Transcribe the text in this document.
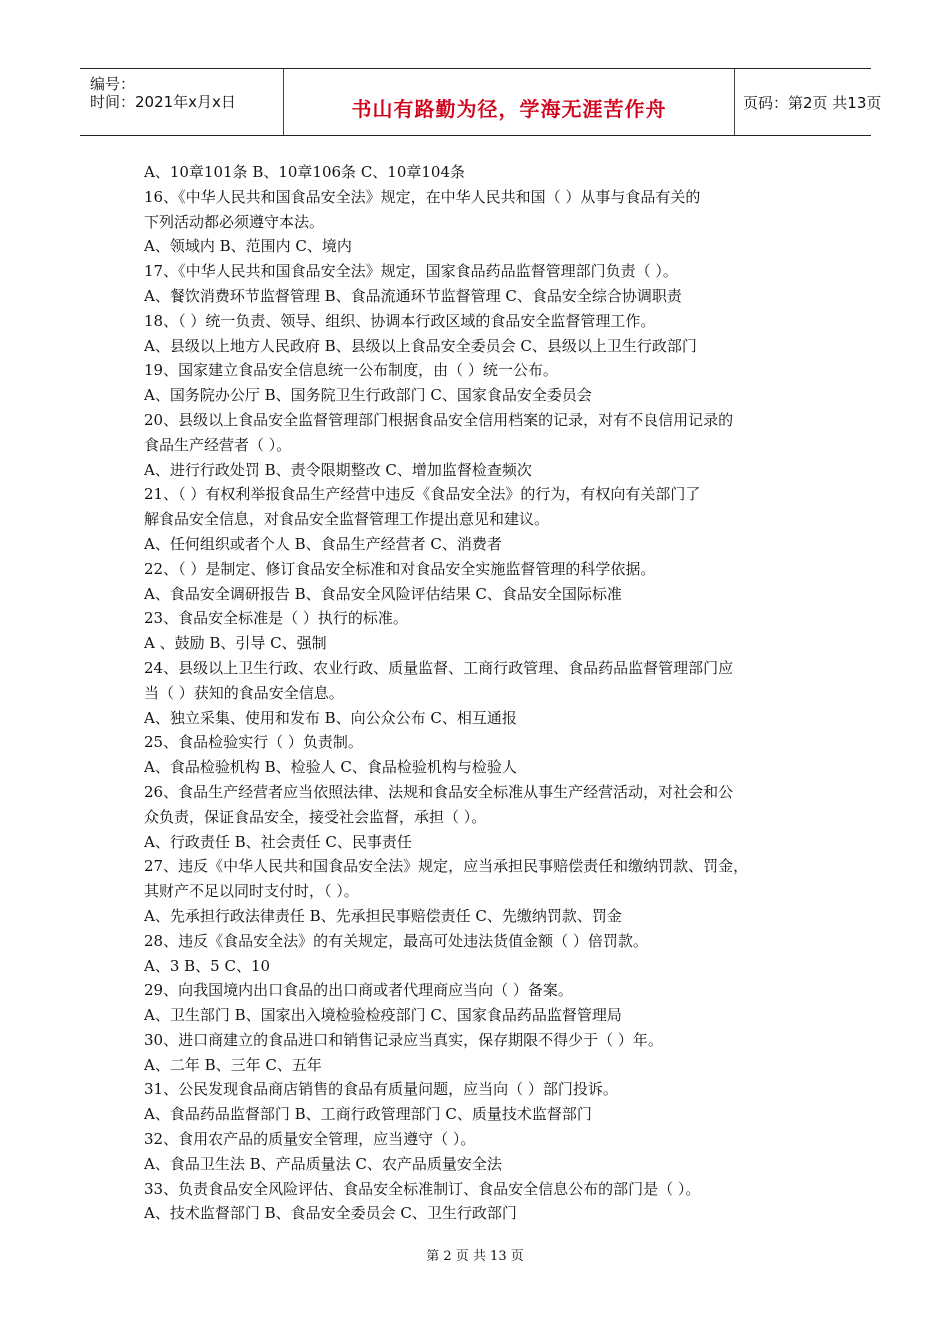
编号：
时间：2021年x月x日	书山有路勤为径，学海无涯苦作舟	页码：第2页 共13页
A、10章101条 B、10章106条 C、10章104条
16、《中华人民共和国食品安全法》规定，在中华人民共和国（ ）从事与食品有关的
下列活动都必须遵守本法。
A、领域内 B、范围内 C、境内
17、《中华人民共和国食品安全法》规定，国家食品药品监督管理部门负责（ ）。
A、餐饮消费环节监督管理 B、食品流通环节监督管理 C、食品安全综合协调职责
18、（ ）统一负责、领导、组织、协调本行政区域的食品安全监督管理工作。
A、县级以上地方人民政府 B、县级以上食品安全委员会 C、县级以上卫生行政部门
19、国家建立食品安全信息统一公布制度，由（ ）统一公布。
A、国务院办公厅 B、国务院卫生行政部门 C、国家食品安全委员会
20、县级以上食品安全监督管理部门根据食品安全信用档案的记录，对有不良信用记录的
食品生产经营者（ ）。
A、进行行政处罚 B、责令限期整改 C、增加监督检查频次
21、（ ）有权利举报食品生产经营中违反《食品安全法》的行为，有权向有关部门了
解食品安全信息，对食品安全监督管理工作提出意见和建议。
A、任何组织或者个人 B、食品生产经营者 C、消费者
22、（ ）是制定、修订食品安全标准和对食品安全实施监督管理的科学依据。
A、食品安全调研报告 B、食品安全风险评估结果 C、食品安全国际标准
23、食品安全标准是（ ）执行的标准。
A 、鼓励 B、引导 C、强制
24、县级以上卫生行政、农业行政、质量监督、工商行政管理、食品药品监督管理部门应
当（ ）获知的食品安全信息。
A、独立采集、使用和发布 B、向公众公布 C、相互通报
25、食品检验实行（ ）负责制。
A、食品检验机构 B、检验人 C、食品检验机构与检验人
26、食品生产经营者应当依照法律、法规和食品安全标准从事生产经营活动，对社会和公
众负责，保证食品安全，接受社会监督，承担（ ）。
A、行政责任 B、社会责任 C、民事责任
27、违反《中华人民共和国食品安全法》规定，应当承担民事赔偿责任和缴纳罚款、罚金，
其财产不足以同时支付时，（ ）。
A、先承担行政法律责任 B、先承担民事赔偿责任 C、先缴纳罚款、罚金
28、违反《食品安全法》的有关规定，最高可处违法货值金额（ ）倍罚款。
A、3 B、5 C、10
29、向我国境内出口食品的出口商或者代理商应当向（ ）备案。
A、卫生部门 B、国家出入境检验检疫部门 C、国家食品药品监督管理局
30、进口商建立的食品进口和销售记录应当真实，保存期限不得少于（ ）年。
A、二年 B、三年 C、五年
31、公民发现食品商店销售的食品有质量问题，应当向（ ）部门投诉。
A、食品药品监督部门 B、工商行政管理部门 C、质量技术监督部门
32、食用农产品的质量安全管理，应当遵守（ ）。
A、食品卫生法 B、产品质量法 C、农产品质量安全法
33、负责食品安全风险评估、食品安全标准制订、食品安全信息公布的部门是（ ）。
A、技术监督部门 B、食品安全委员会 C、卫生行政部门
第 2 页 共 13 页
